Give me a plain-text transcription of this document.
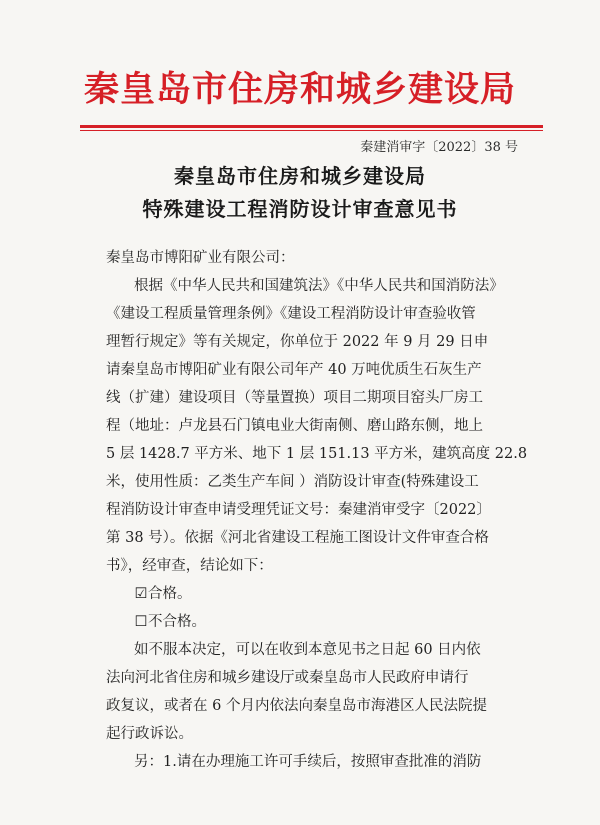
秦皇岛市住房和城乡建设局
秦建消审字〔2022〕38 号
秦皇岛市住房和城乡建设局
特殊建设工程消防设计审查意见书
秦皇岛市博阳矿业有限公司：
根据《中华人民共和国建筑法》《中华人民共和国消防法》
《建设工程质量管理条例》《建设工程消防设计审查验收管
理暂行规定》等有关规定，你单位于 2022 年 9 月 29 日申
请秦皇岛市博阳矿业有限公司年产 40 万吨优质生石灰生产
线（扩建）建设项目（等量置换）项目二期项目窑头厂房工
程（地址：卢龙县石门镇电业大街南侧、磨山路东侧，地上
5 层 1428.7 平方米、地下 1 层 151.13 平方米，建筑高度 22.8
米，使用性质：乙类生产车间 ）消防设计审查(特殊建设工
程消防设计审查申请受理凭证文号：秦建消审受字〔2022〕
第 38 号）。依据《河北省建设工程施工图设计文件审查合格
书》，经审查，结论如下：
☑合格。
☐不合格。
如不服本决定，可以在收到本意见书之日起 60 日内依
法向河北省住房和城乡建设厅或秦皇岛市人民政府申请行
政复议，或者在 6 个月内依法向秦皇岛市海港区人民法院提
起行政诉讼。
另：1.请在办理施工许可手续后，按照审查批准的消防
